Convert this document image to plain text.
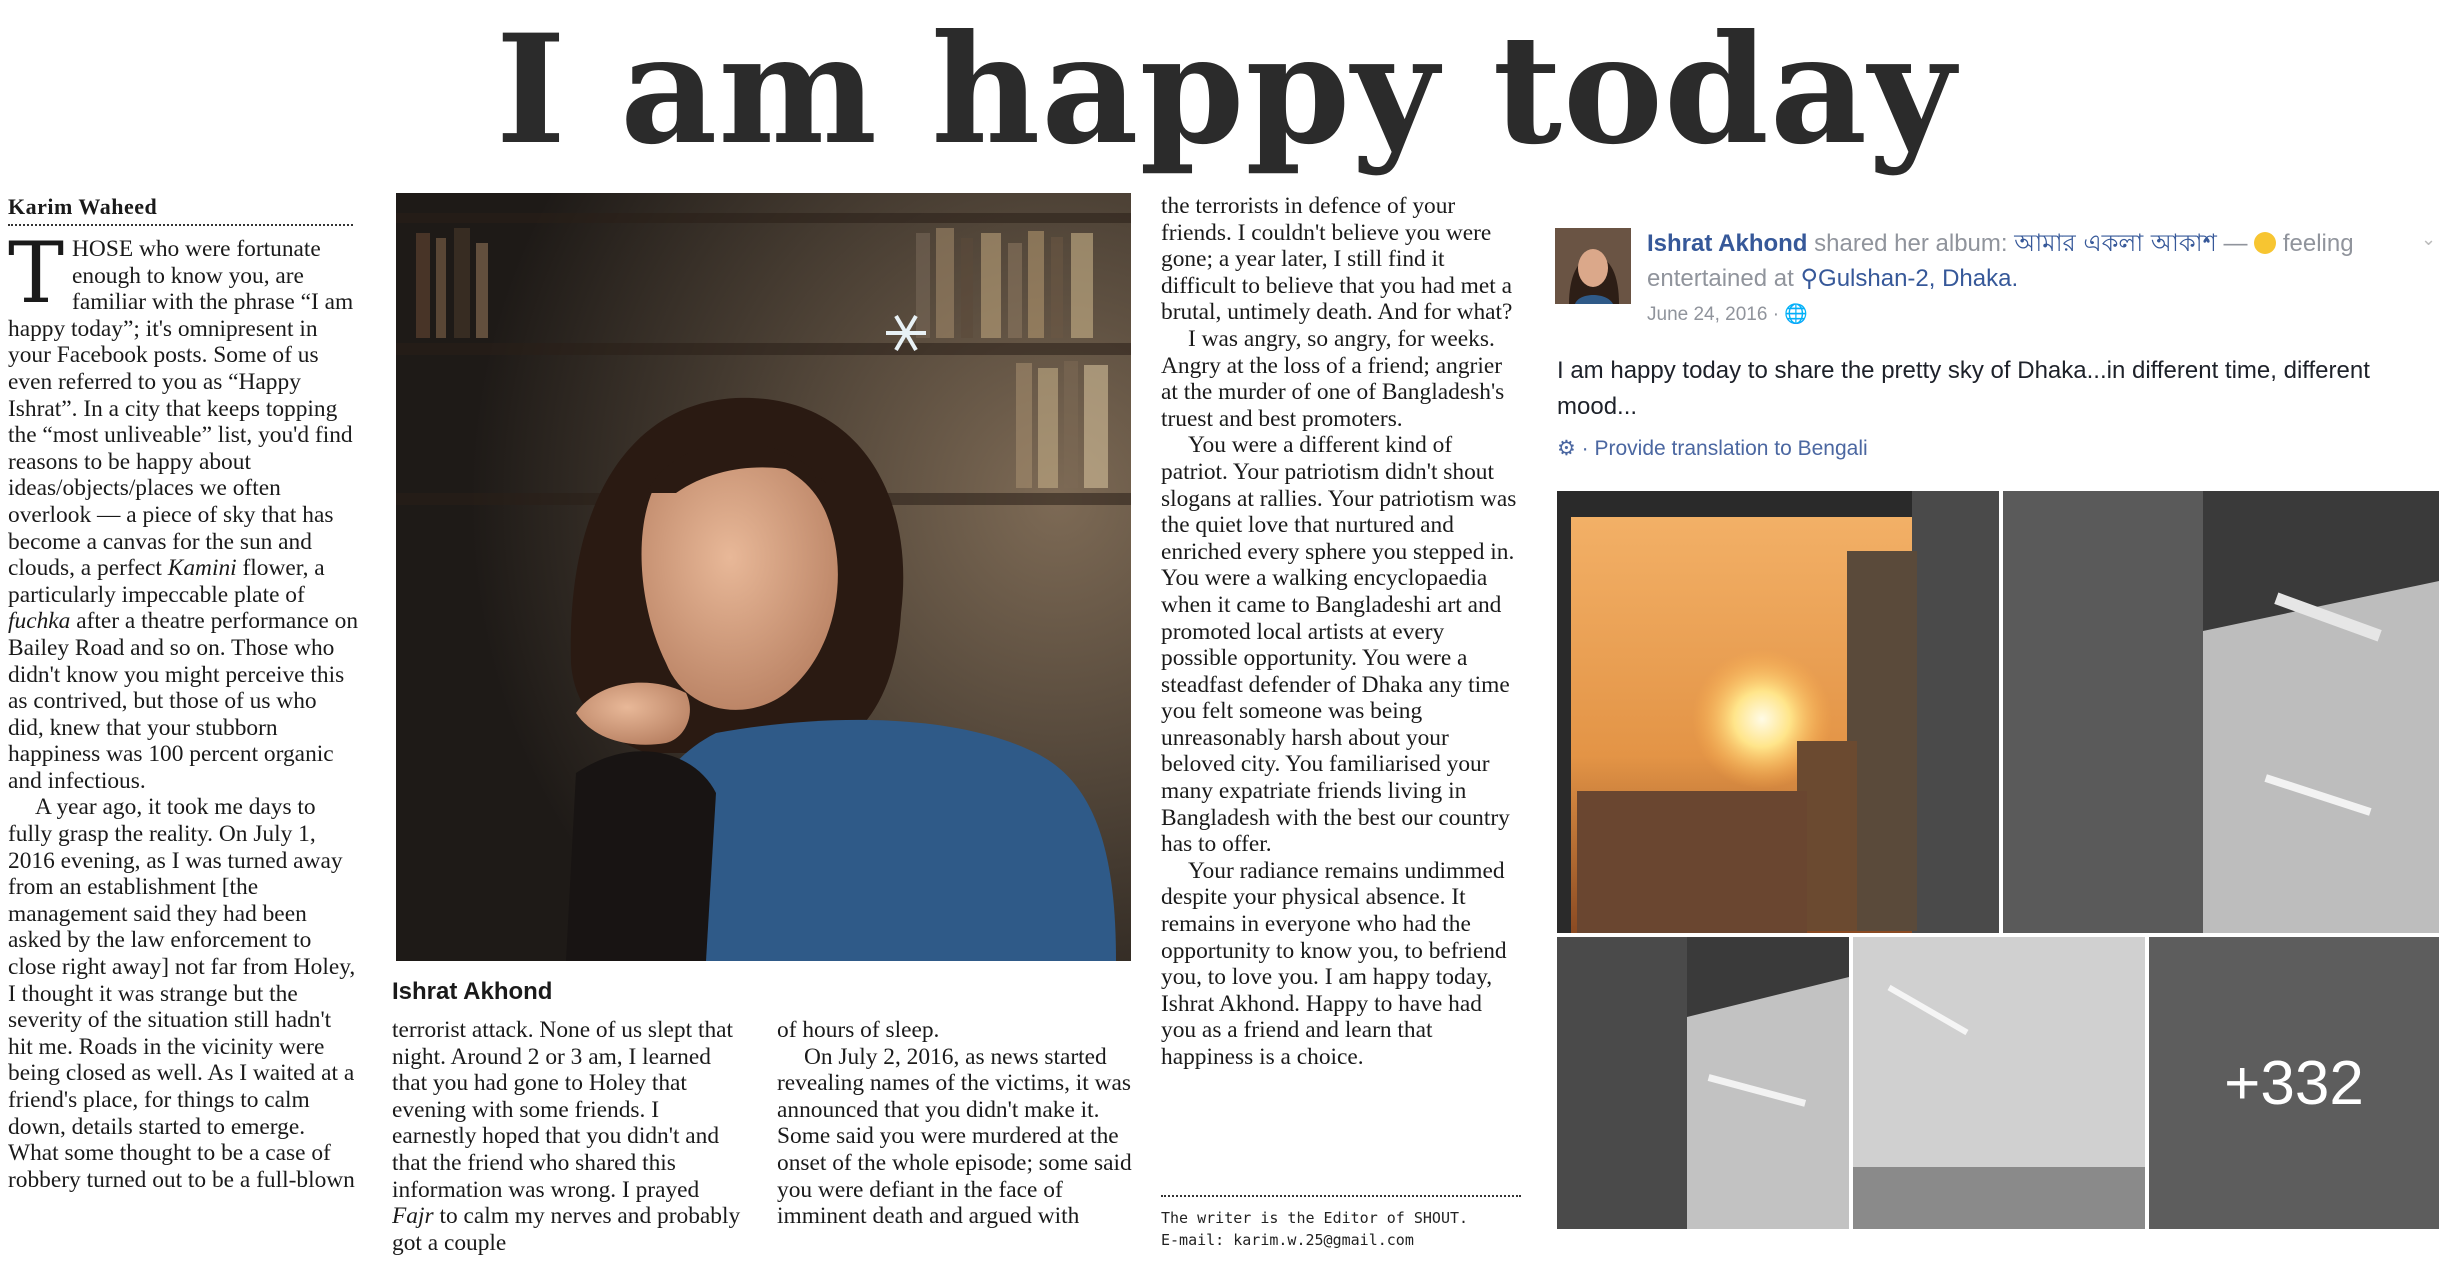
I am happy today
Karim Waheed

THOSE who were fortunate enough to know you, are familiar with the phrase “I am happy today”; it's omnipresent in your Facebook posts. Some of us even referred to you as “Happy Ishrat”. In a city that keeps topping the “most unliveable” list, you'd find reasons to be happy about ideas/objects/places we often overlook — a piece of sky that has become a canvas for the sun and clouds, a perfect Kamini flower, a particularly impeccable plate of fuchka after a theatre performance on Bailey Road and so on. Those who didn't know you might perceive this as contrived, but those of us who did, knew that your stubborn happiness was 100 percent organic and infectious.

A year ago, it took me days to fully grasp the reality. On July 1, 2016 evening, as I was turned away from an establishment [the management said they had been asked by the law enforcement to close right away] not far from Holey, I thought it was strange but the severity of the situation still hadn't hit me. Roads in the vicinity were being closed as well. As I waited at a friend's place, for things to calm down, details started to emerge. What some thought to be a case of robbery turned out to be a full-blown

Ishrat Akhond

terrorist attack. None of us slept that night. Around 2 or 3 am, I learned that you had gone to Holey that evening with some friends. I earnestly hoped that you didn't and that the friend who shared this information was wrong. I prayed Fajr to calm my nerves and probably got a couple

of hours of sleep.

On July 2, 2016, as news started revealing names of the victims, it was announced that you didn't make it. Some said you were murdered at the onset of the whole episode; some said you were defiant in the face of imminent death and argued with

the terrorists in defence of your friends. I couldn't believe you were gone; a year later, I still find it difficult to believe that you had met a brutal, untimely death. And for what?

I was angry, so angry, for weeks. Angry at the loss of a friend; angrier at the murder of one of Bangladesh's truest and best promoters.

You were a different kind of patriot. Your patriotism didn't shout slogans at rallies. Your patriotism was the quiet love that nurtured and enriched every sphere you stepped in. You were a walking encyclopaedia when it came to Bangladeshi art and promoted local artists at every possible opportunity. You were a steadfast defender of Dhaka any time you felt someone was being unreasonably harsh about your beloved city. You familiarised your many expatriate friends living in Bangladesh with the best our country has to offer.

Your radiance remains undimmed despite your physical absence. It remains in everyone who had the opportunity to know you, to befriend you, to love you. I am happy today, Ishrat Akhond. Happy to have had you as a friend and learn that happiness is a choice.

The writer is the Editor of SHOUT.
E-mail: karim.w.25@gmail.com
Ishrat Akhond shared her album: আমার একলা আকাশ — feeling entertained at ⚲Gulshan-2, Dhaka.
⌄
June 24, 2016 · 🌐
I am happy today to share the pretty sky of Dhaka...in different time, different mood...
⚙ · Provide translation to Bengali
+332
